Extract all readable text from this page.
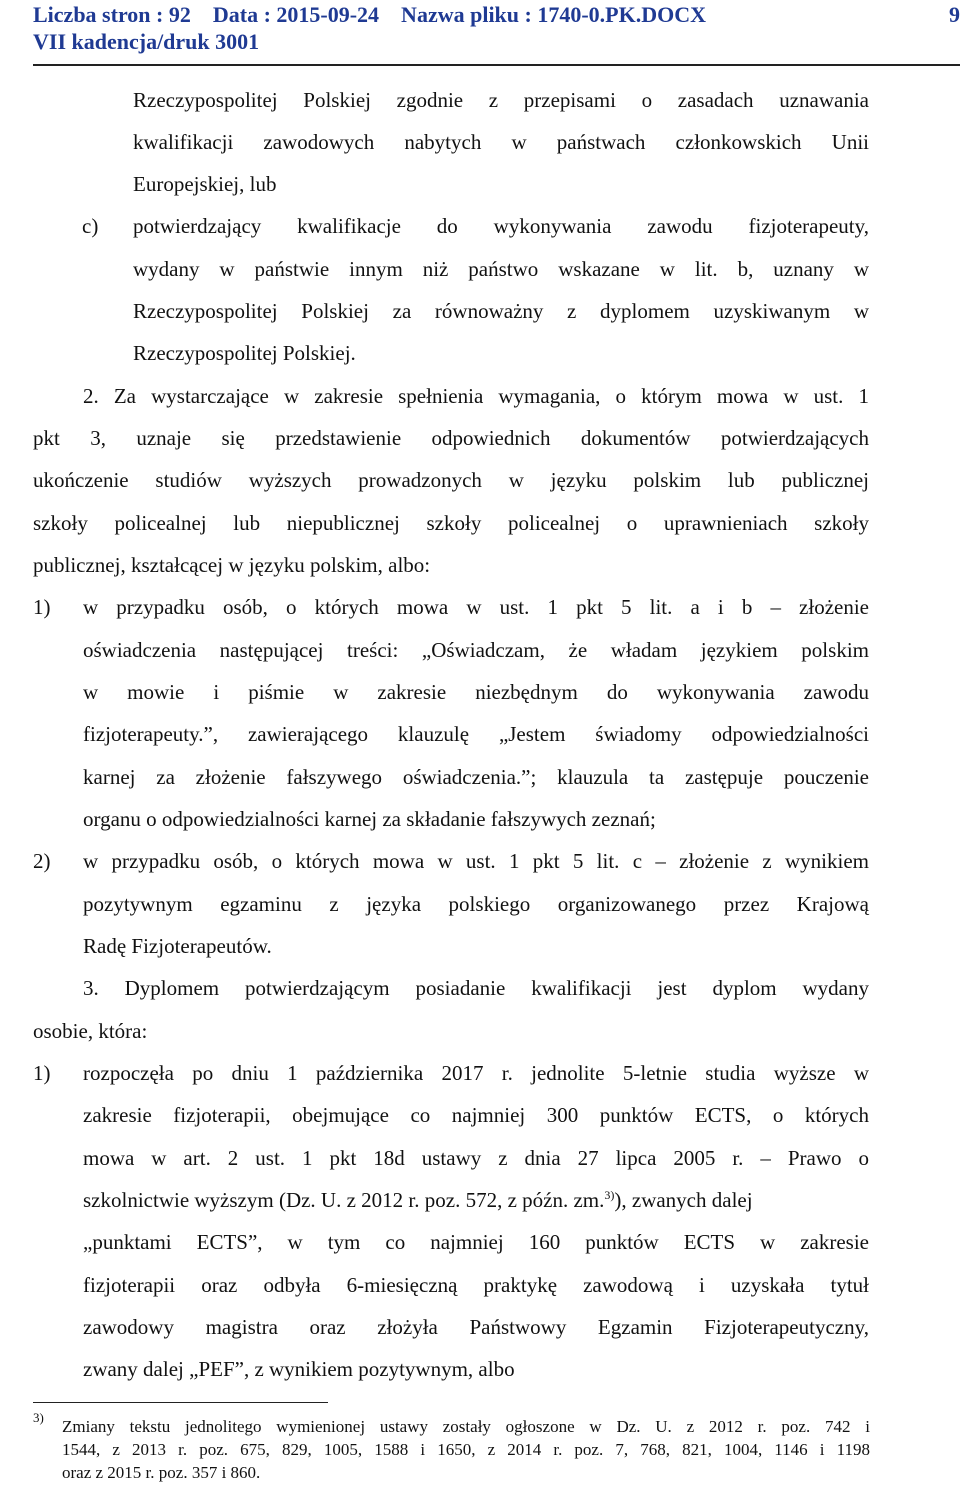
Liczba stron : 92    Data : 2015-09-24    Nazwa pliku : 1740-0.PK.DOCX
VII kadencja/druk 3001
9
Rzeczypospolitej Polskiej zgodnie z przepisami o zasadach uznawania
kwalifikacji zawodowych nabytych w państwach członkowskich Unii
Europejskiej, lub
c) potwierdzający kwalifikacje do wykonywania zawodu fizjoterapeuty,
wydany w państwie innym niż państwo wskazane w lit. b, uznany w
Rzeczypospolitej Polskiej za równoważny z dyplomem uzyskiwanym w
Rzeczypospolitej Polskiej.
2. Za wystarczające w zakresie spełnienia wymagania, o którym mowa w ust. 1
pkt 3, uznaje się przedstawienie odpowiednich dokumentów potwierdzających
ukończenie studiów wyższych prowadzonych w języku polskim lub publicznej
szkoły policealnej lub niepublicznej szkoły policealnej o uprawnieniach szkoły
publicznej, kształcącej w języku polskim, albo:
1) w przypadku osób, o których mowa w ust. 1 pkt 5 lit. a i b – złożenie
oświadczenia następującej treści: „Oświadczam, że władam językiem polskim
w mowie i piśmie w zakresie niezbędnym do wykonywania zawodu
fizjoterapeuty.”, zawierającego klauzulę „Jestem świadomy odpowiedzialności
karnej za złożenie fałszywego oświadczenia.”; klauzula ta zastępuje pouczenie
organu o odpowiedzialności karnej za składanie fałszywych zeznań;
2) w przypadku osób, o których mowa w ust. 1 pkt 5 lit. c – złożenie z wynikiem
pozytywnym egzaminu z języka polskiego organizowanego przez Krajową
Radę Fizjoterapeutów.
3. Dyplomem potwierdzającym posiadanie kwalifikacji jest dyplom wydany
osobie, która:
1) rozpoczęła po dniu 1 października 2017 r. jednolite 5-letnie studia wyższe w
zakresie fizjoterapii, obejmujące co najmniej 300 punktów ECTS, o których
mowa w art. 2 ust. 1 pkt 18d ustawy z dnia 27 lipca 2005 r. – Prawo o
szkolnictwie wyższym (Dz. U. z 2012 r. poz. 572, z późn. zm.$^{3)}$), zwanych dalej
„punktami ECTS”, w tym co najmniej 160 punktów ECTS w zakresie
fizjoterapii oraz odbyła 6-miesięczną praktykę zawodową i uzyskała tytuł
zawodowy magistra oraz złożyła Państwowy Egzamin Fizjoterapeutyczny,
zwany dalej „PEF”, z wynikiem pozytywnym, albo
3) Zmiany tekstu jednolitego wymienionej ustawy zostały ogłoszone w Dz. U. z 2012 r. poz. 742 i
1544, z 2013 r. poz. 675, 829, 1005, 1588 i 1650, z 2014 r. poz. 7, 768, 821, 1004, 1146 i 1198
oraz z 2015 r. poz. 357 i 860.
